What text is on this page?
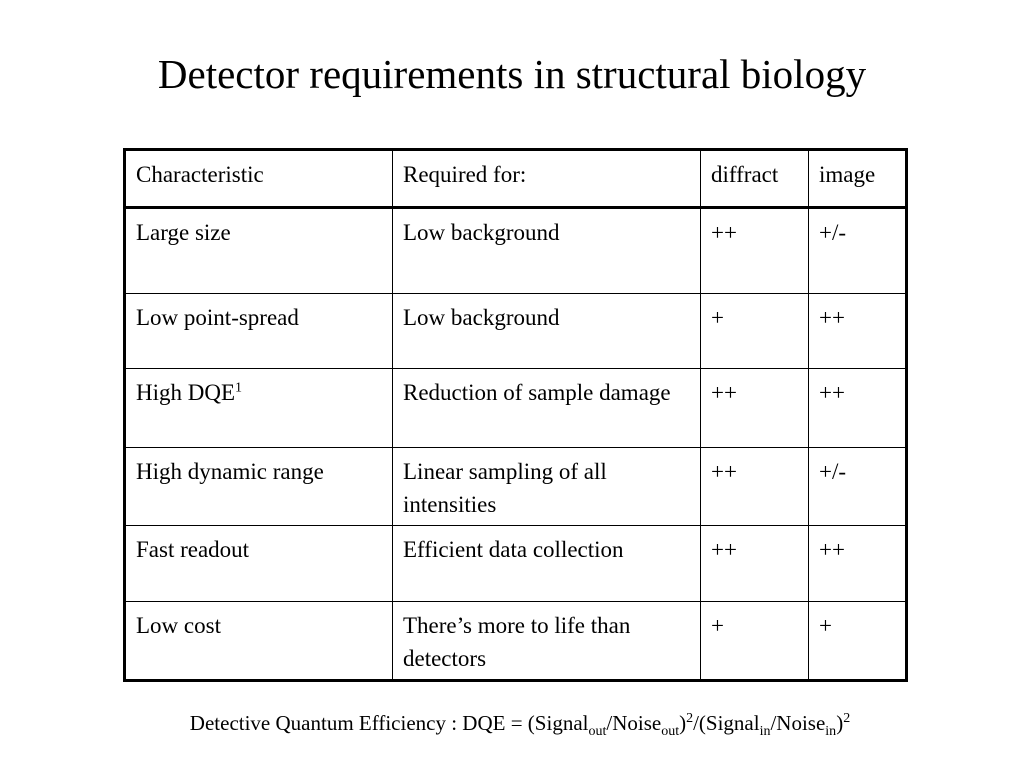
Detector requirements in structural biology
Characteristic	Required for:	diffract	image
Large size	Low background	++	+/-
Low point-spread	Low background	+	++
High DQE$^1$	Reduction of sample damage	++	++
High dynamic range	Linear sampling of all intensities	++	+/-
Fast readout	Efficient data collection	++	++
Low cost	There’s more to life than detectors	+	+

Detective Quantum Efficiency : DQE = (Signal$_{out}$/Noise$_{out}$)$^2$/(Signal$_{in}$/Noise$_{in}$)$^2$
